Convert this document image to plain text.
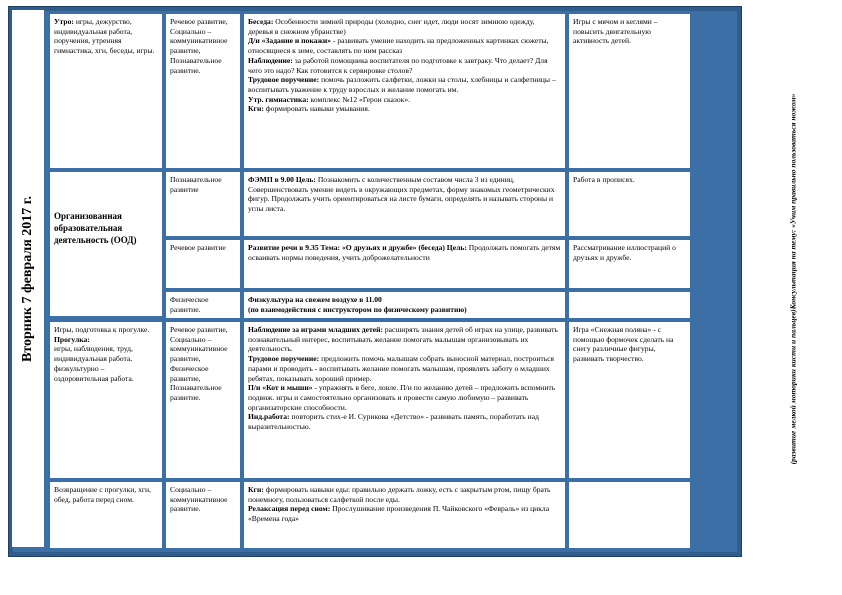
Вторник 7 февраля 2017 г.
Утро: игры, дежурство, индивидуальная работа, поручения, утренняя гимнастика, хгн, беседы, игры.
Речевое развитие, Социально – коммуникативное развитие, Познавательное развитие.
Беседа: Особенности зимней природы (холодно, снег идет, люди носят зимнюю одежду, деревья в снежном убранстве)
Д/и «Задание и покажи» - развивать умение находить на предложенных картинках сюжеты, относящиеся к зиме, составлять по ним рассказ
Наблюдение: за работой помощника воспитателя по подготовке к завтраку. Что делает? Для чего это надо? Как готовится к сервировке столов?
Трудовое поручение: помочь разложить салфетки, ложки на столы, хлебницы и салфетницы – воспитывать уважение к труду взрослых и желание помогать им.
Утр. гимнастика: комплекс №12 «Герои сказок».
Кгн: формировать навыки умывания.
Игры с мячом и кеглями – повысить двигательную активность детей.
Организованная образовательная деятельность (ООД)
Познавательное развитие
ФЭМП в 9.00 Цель: Познакомить с количественным составом числа 3 из единиц. Совершенствовать умение видеть в окружающих предметах, форму знакомых геометрических фигур. Продолжать учить ориентироваться на листе бумаги, определять и называть стороны и углы листа.
Работа в прописях.
Речевое развитие	Развитие речи в 9.35 Тема: «О друзьях и дружбе» (беседа) Цель: Продолжать помогать детям осваивать нормы поведения, учить доброжелательности
Рассматривание иллюстраций о друзьях и дружбе.
Физическое развитие.
Физкультура на свежем воздухе в 11.00
(по взаимодействия с инструктором по физическому развитию)
Игры, подготовка к прогулке.
Прогулка:
игры, наблюдения, труд, индивидуальная работа, физкультурно – оздоровительная работа.
Речевое развитие, Социально – коммуникативное развитие, Физическое развитие, Познавательное развитие.
Наблюдение за играми младших детей: расширять знания детей об играх на улице, развивать познавательный интерес, воспитывать желание помогать малышам организовывать их деятельность.
Трудовое поручение: предложить помочь малышам собрать выносной материал, построиться парами и проводить - воспитывать желание помогать малышам, проявлять заботу о младших ребятах, показывать хороший пример.
П/и «Кот и мыши» - упражнять в беге, ловле. П/и по желанию детей – предложить вспомнить подвиж. игры и самостоятельно организовать и провести самую любимую – развивать организаторские способности.
Инд.работа: повторить стих-е И. Сурикова «Детство» - развивать память, поработать над выразительностью.
Игра «Снежная поляна» - с помощью формочек сделать на снегу различные фигуры, развивать творчество.
Возвращение с прогулки, хгн, обед, работа перед сном.
Социально – коммуникативное развитие.
Кгн: формировать навыки еды: правильно держать ложку, есть с закрытым ртом, пищу брать понемногу, пользоваться салфеткой после еды.
Релаксация перед сном: Прослушивание произведения П. Чайковского «Февраль» из цикла «Времена года»
(развитие мелкой моторики кисти и пальцев)Консультация на тему: «Учим правильно пользоваться ножом»
